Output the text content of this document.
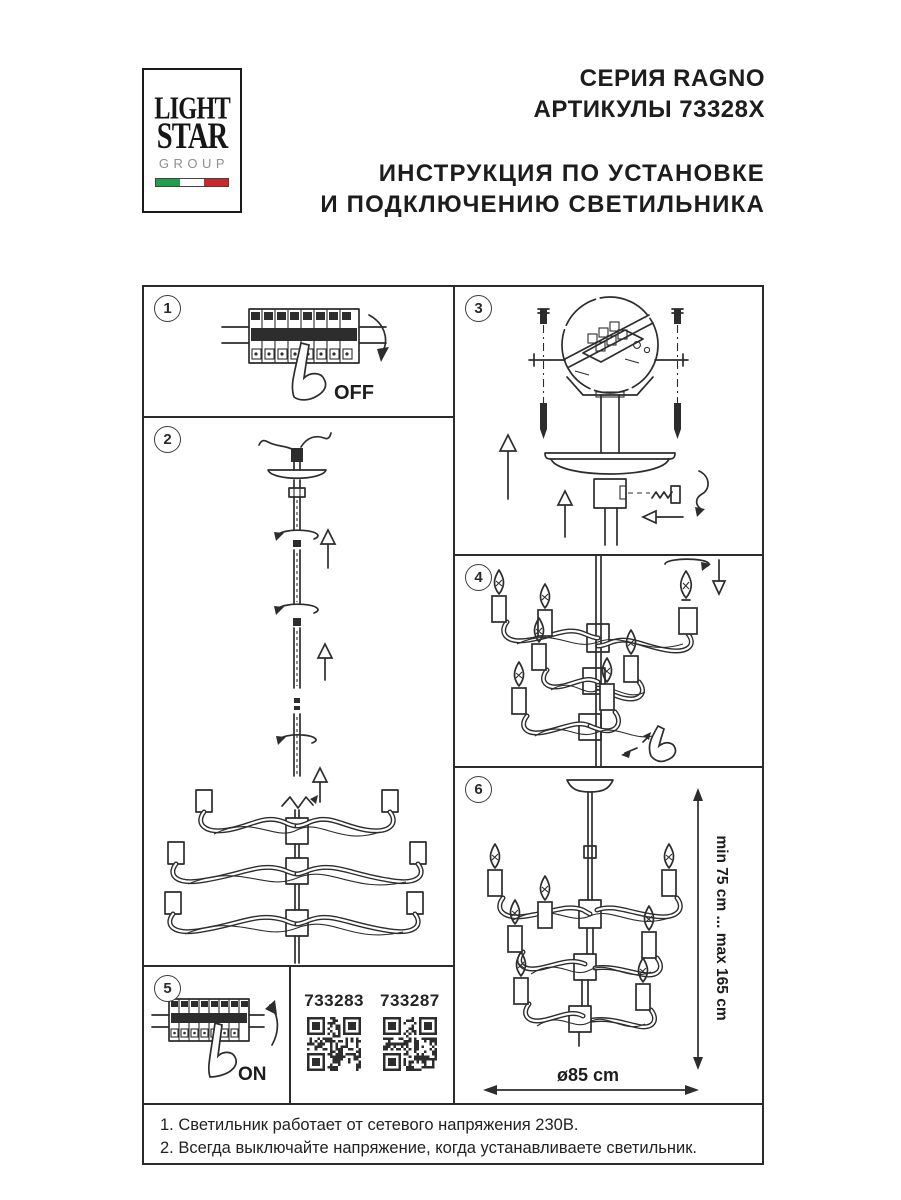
LIGHT
STAR
GROUP
СЕРИЯ RAGNO
АРТИКУЛЫ 73328X
ИНСТРУКЦИЯ ПО УСТАНОВКЕ
И ПОДКЛЮЧЕНИЮ СВЕТИЛЬНИКА
1
OFF
2
3
4
6
min 75 cm ... max 165 cm
ø85 cm
5
ON
733283 733287
1. Светильник работает от сетевого напряжения 230В.
2. Всегда выключайте напряжение, когда устанавливаете светильник.
